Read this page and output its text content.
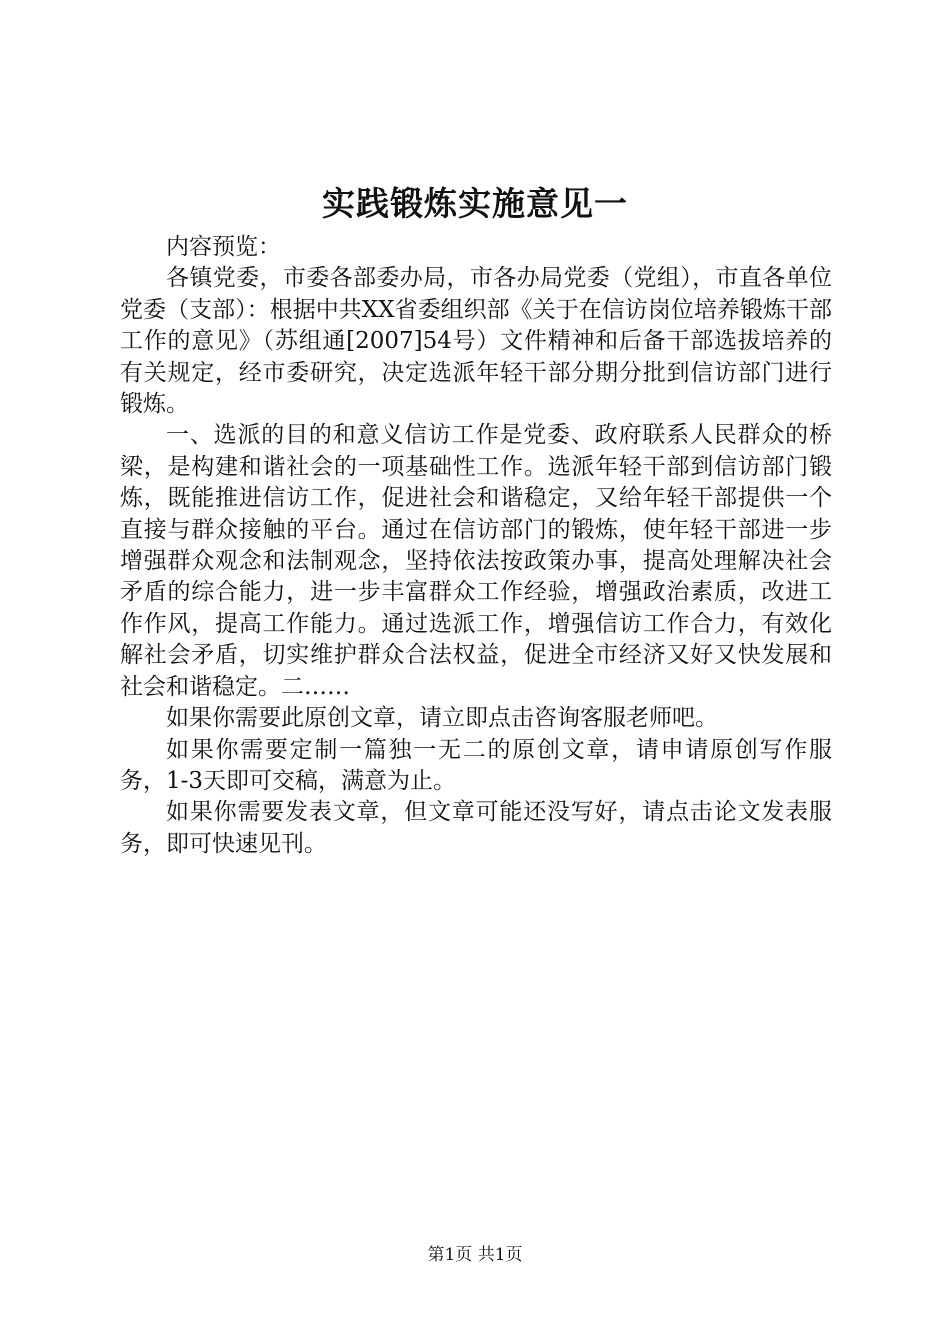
实践锻炼实施意见一

内容预览：

各镇党委，市委各部委办局，市各办局党委（党组），市直各单位党委（支部）：根据中共XX省委组织部《关于在信访岗位培养锻炼干部工作的意见》（苏组通[2007]54号）文件精神和后备干部选拔培养的有关规定，经市委研究，决定选派年轻干部分期分批到信访部门进行锻炼。

一、选派的目的和意义信访工作是党委、政府联系人民群众的桥梁，是构建和谐社会的一项基础性工作。选派年轻干部到信访部门锻炼，既能推进信访工作，促进社会和谐稳定，又给年轻干部提供一个直接与群众接触的平台。通过在信访部门的锻炼，使年轻干部进一步增强群众观念和法制观念，坚持依法按政策办事，提高处理解决社会矛盾的综合能力，进一步丰富群众工作经验，增强政治素质，改进工作作风，提高工作能力。通过选派工作，增强信访工作合力，有效化解社会矛盾，切实维护群众合法权益，促进全市经济又好又快发展和社会和谐稳定。二……

如果你需要此原创文章，请立即点击咨询客服老师吧。

如果你需要定制一篇独一无二的原创文章，请申请原创写作服务，1-3天即可交稿，满意为止。

如果你需要发表文章，但文章可能还没写好，请点击论文发表服务，即可快速见刊。

第1页 共1页
